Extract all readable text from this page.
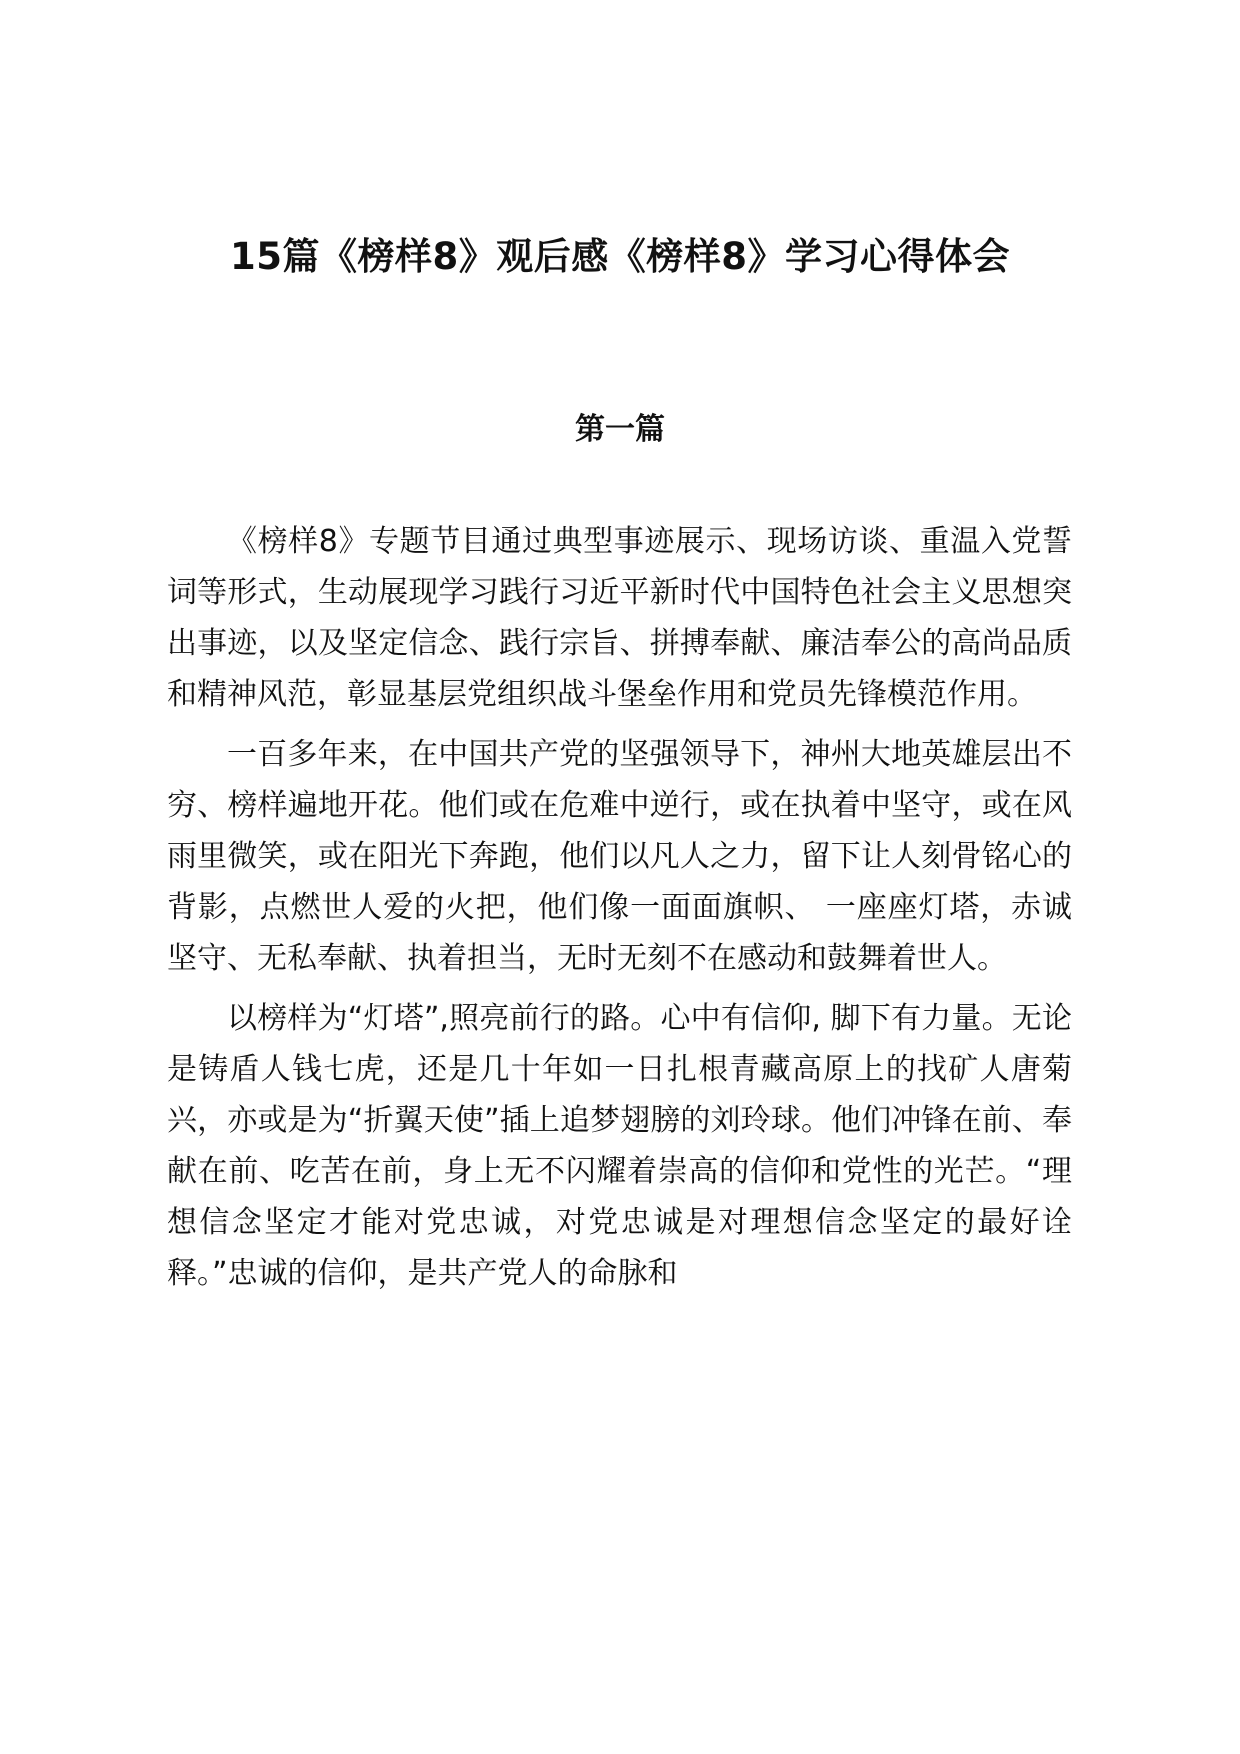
15篇《榜样8》观后感《榜样8》学习心得体会
第一篇

《榜样8》专题节目通过典型事迹展示、现场访谈、重温入党誓词等形式，生动展现学习践行习近平新时代中国特色社会主义思想突出事迹，以及坚定信念、践行宗旨、拼搏奉献、廉洁奉公的高尚品质和精神风范，彰显基层党组织战斗堡垒作用和党员先锋模范作用。

一百多年来，在中国共产党的坚强领导下，神州大地英雄层出不穷、榜样遍地开花。他们或在危难中逆行，或在执着中坚守，或在风雨里微笑，或在阳光下奔跑，他们以凡人之力，留下让人刻骨铭心的背影，点燃世人爱的火把，他们像一面面旗帜、 一座座灯塔，赤诚坚守、无私奉献、执着担当，无时无刻不在感动和鼓舞着世人。

以榜样为“灯塔”,照亮前行的路。心中有信仰, 脚下有力量。无论是铸盾人钱七虎，还是几十年如一日扎根青藏高原上的找矿人唐菊兴，亦或是为“折翼天使”插上追梦翅膀的刘玲球。他们冲锋在前、奉献在前、吃苦在前，身上无不闪耀着崇高的信仰和党性的光芒。“理想信念坚定才能对党忠诚，对党忠诚是对理想信念坚定的最好诠释。”忠诚的信仰，是共产党人的命脉和
